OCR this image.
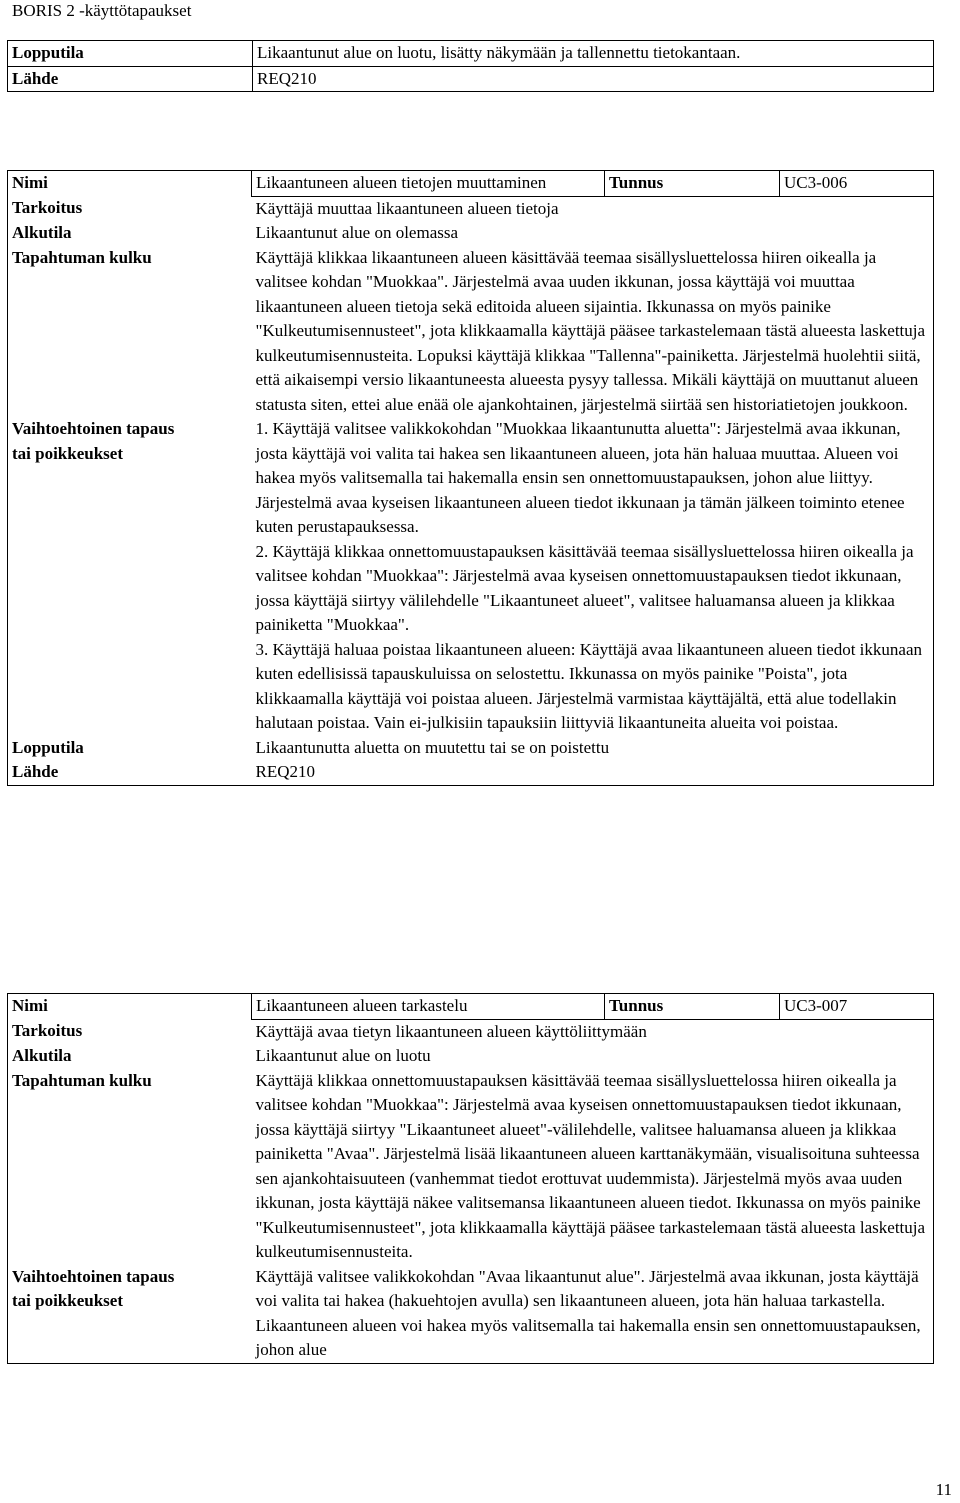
BORIS 2 -käyttötapaukset
Lopputila	Likaantunut alue on luotu, lisätty näkymään ja tallennettu tietokantaan.
Lähde	REQ210
Nimi	Likaantuneen alueen tietojen muuttaminen	Tunnus	UC3-006
Tarkoitus	Käyttäjä muuttaa likaantuneen alueen tietoja		
Alkutila	Likaantunut alue on olemassa		
Tapahtuman kulku	Käyttäjä klikkaa likaantuneen alueen käsittävää teemaa sisällysluettelossa hiiren oikealla ja valitsee kohdan "Muokkaa". Järjestelmä avaa uuden ikkunan, jossa käyttäjä voi muuttaa likaantuneen alueen tietoja sekä editoida alueen sijaintia. Ikkunassa on myös painike "Kulkeutumisennusteet", jota klikkaamalla käyttäjä pääsee tarkastelemaan tästä alueesta laskettuja kulkeutumisennusteita. Lopuksi käyttäjä klikkaa "Tallenna"-painiketta. Järjestelmä huolehtii siitä, että aikaisempi versio likaantuneesta alueesta pysyy tallessa. Mikäli käyttäjä on muuttanut alueen statusta siten, ettei alue enää ole ajankohtainen, järjestelmä siirtää sen historiatietojen joukkoon.		

Vaihtoehtoinen tapaus
tai poikkeukset	1. Käyttäjä valitsee valikkokohdan "Muokkaa likaantunutta aluetta": Järjestelmä avaa ikkunan, josta käyttäjä voi valita tai hakea sen likaantuneen alueen, jota hän haluaa muuttaa. Alueen voi hakea myös valitsemalla tai hakemalla ensin sen onnettomuustapauksen, johon alue liittyy. Järjestelmä avaa kyseisen likaantuneen alueen tiedot ikkunaan ja tämän jälkeen toiminto etenee kuten perustapauksessa.
2. Käyttäjä klikkaa onnettomuustapauksen käsittävää teemaa sisällysluettelossa hiiren oikealla ja valitsee kohdan "Muokkaa": Järjestelmä avaa kyseisen onnettomuustapauksen tiedot ikkunaan, jossa käyttäjä siirtyy välilehdelle "Likaantuneet alueet", valitsee haluamansa alueen ja klikkaa painiketta "Muokkaa".
3. Käyttäjä haluaa poistaa likaantuneen alueen: Käyttäjä avaa likaantuneen alueen tiedot ikkunaan kuten edellisissä tapauskuluissa on selostettu. Ikkunassa on myös painike "Poista", jota klikkaamalla käyttäjä voi poistaa alueen. Järjestelmä varmistaa käyttäjältä, että alue todellakin halutaan poistaa. Vain ei-julkisiin tapauksiin liittyviä likaantuneita alueita voi poistaa.		

Lopputila	Likaantunutta aluetta on muutettu tai se on poistettu		
Lähde	REQ210		
Nimi	Likaantuneen alueen tarkastelu	Tunnus	UC3-007
Tarkoitus	Käyttäjä avaa tietyn likaantuneen alueen käyttöliittymään		
Alkutila	Likaantunut alue on luotu		
Tapahtuman kulku	Käyttäjä klikkaa onnettomuustapauksen käsittävää teemaa sisällysluettelossa hiiren oikealla ja valitsee kohdan "Muokkaa": Järjestelmä avaa kyseisen onnettomuustapauksen tiedot ikkunaan, jossa käyttäjä siirtyy "Likaantuneet alueet"-välilehdelle, valitsee haluamansa alueen ja klikkaa painiketta "Avaa". Järjestelmä lisää likaantuneen alueen karttanäkymään, visualisoituna suhteessa sen ajankohtaisuuteen (vanhemmat tiedot erottuvat uudemmista). Järjestelmä myös avaa uuden ikkunan, josta käyttäjä näkee valitsemansa likaantuneen alueen tiedot. Ikkunassa on myös painike "Kulkeutumisennusteet", jota klikkaamalla käyttäjä pääsee tarkastelemaan tästä alueesta laskettuja kulkeutumisennusteita.		

Vaihtoehtoinen tapaus
tai poikkeukset	Käyttäjä valitsee valikkokohdan "Avaa likaantunut alue". Järjestelmä avaa ikkunan, josta käyttäjä voi valita tai hakea (hakuehtojen avulla) sen likaantuneen alueen, jota hän haluaa tarkastella. Likaantuneen alueen voi hakea myös valitsemalla tai hakemalla ensin sen onnettomuustapauksen, johon alue		
11
